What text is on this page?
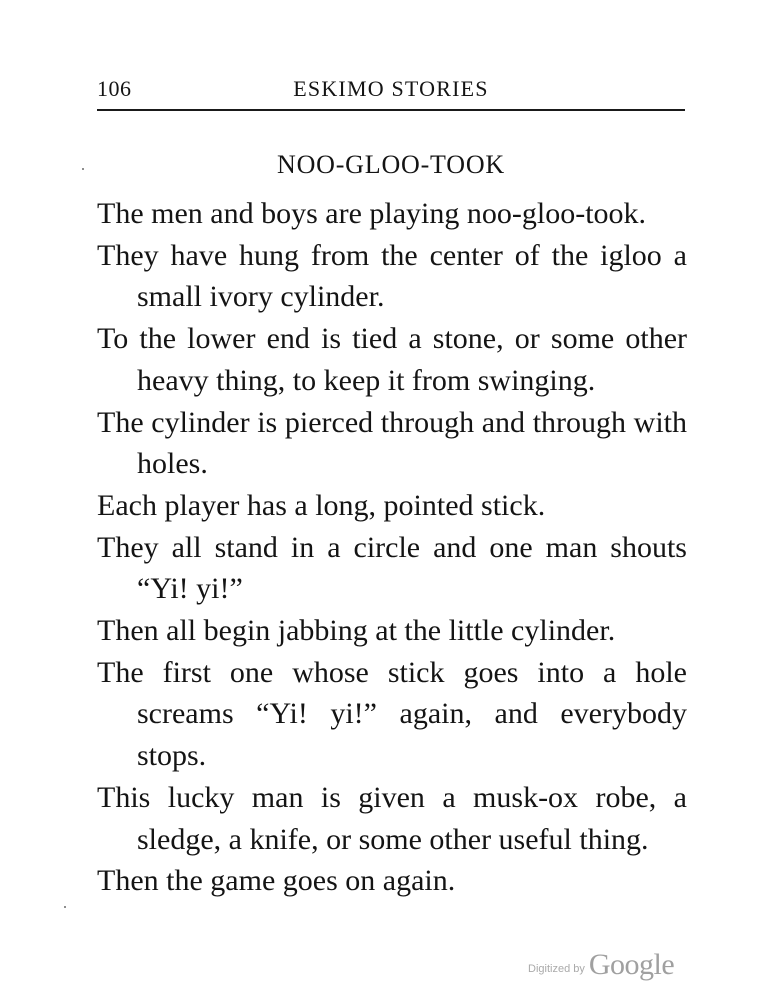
106	ESKIMO STORIES
NOO-GLOO-TOOK
The men and boys are playing noo-gloo-took.
They have hung from the center of the igloo a small ivory cylinder.
To the lower end is tied a stone, or some other heavy thing, to keep it from swinging.
The cylinder is pierced through and through with holes.
Each player has a long, pointed stick.
They all stand in a circle and one man shouts “Yi! yi!”
Then all begin jabbing at the little cylinder.
The first one whose stick goes into a hole screams “Yi! yi!” again, and everybody stops.
This lucky man is given a musk-ox robe, a sledge, a knife, or some other useful thing.
Then the game goes on again.
Digitized by Google
